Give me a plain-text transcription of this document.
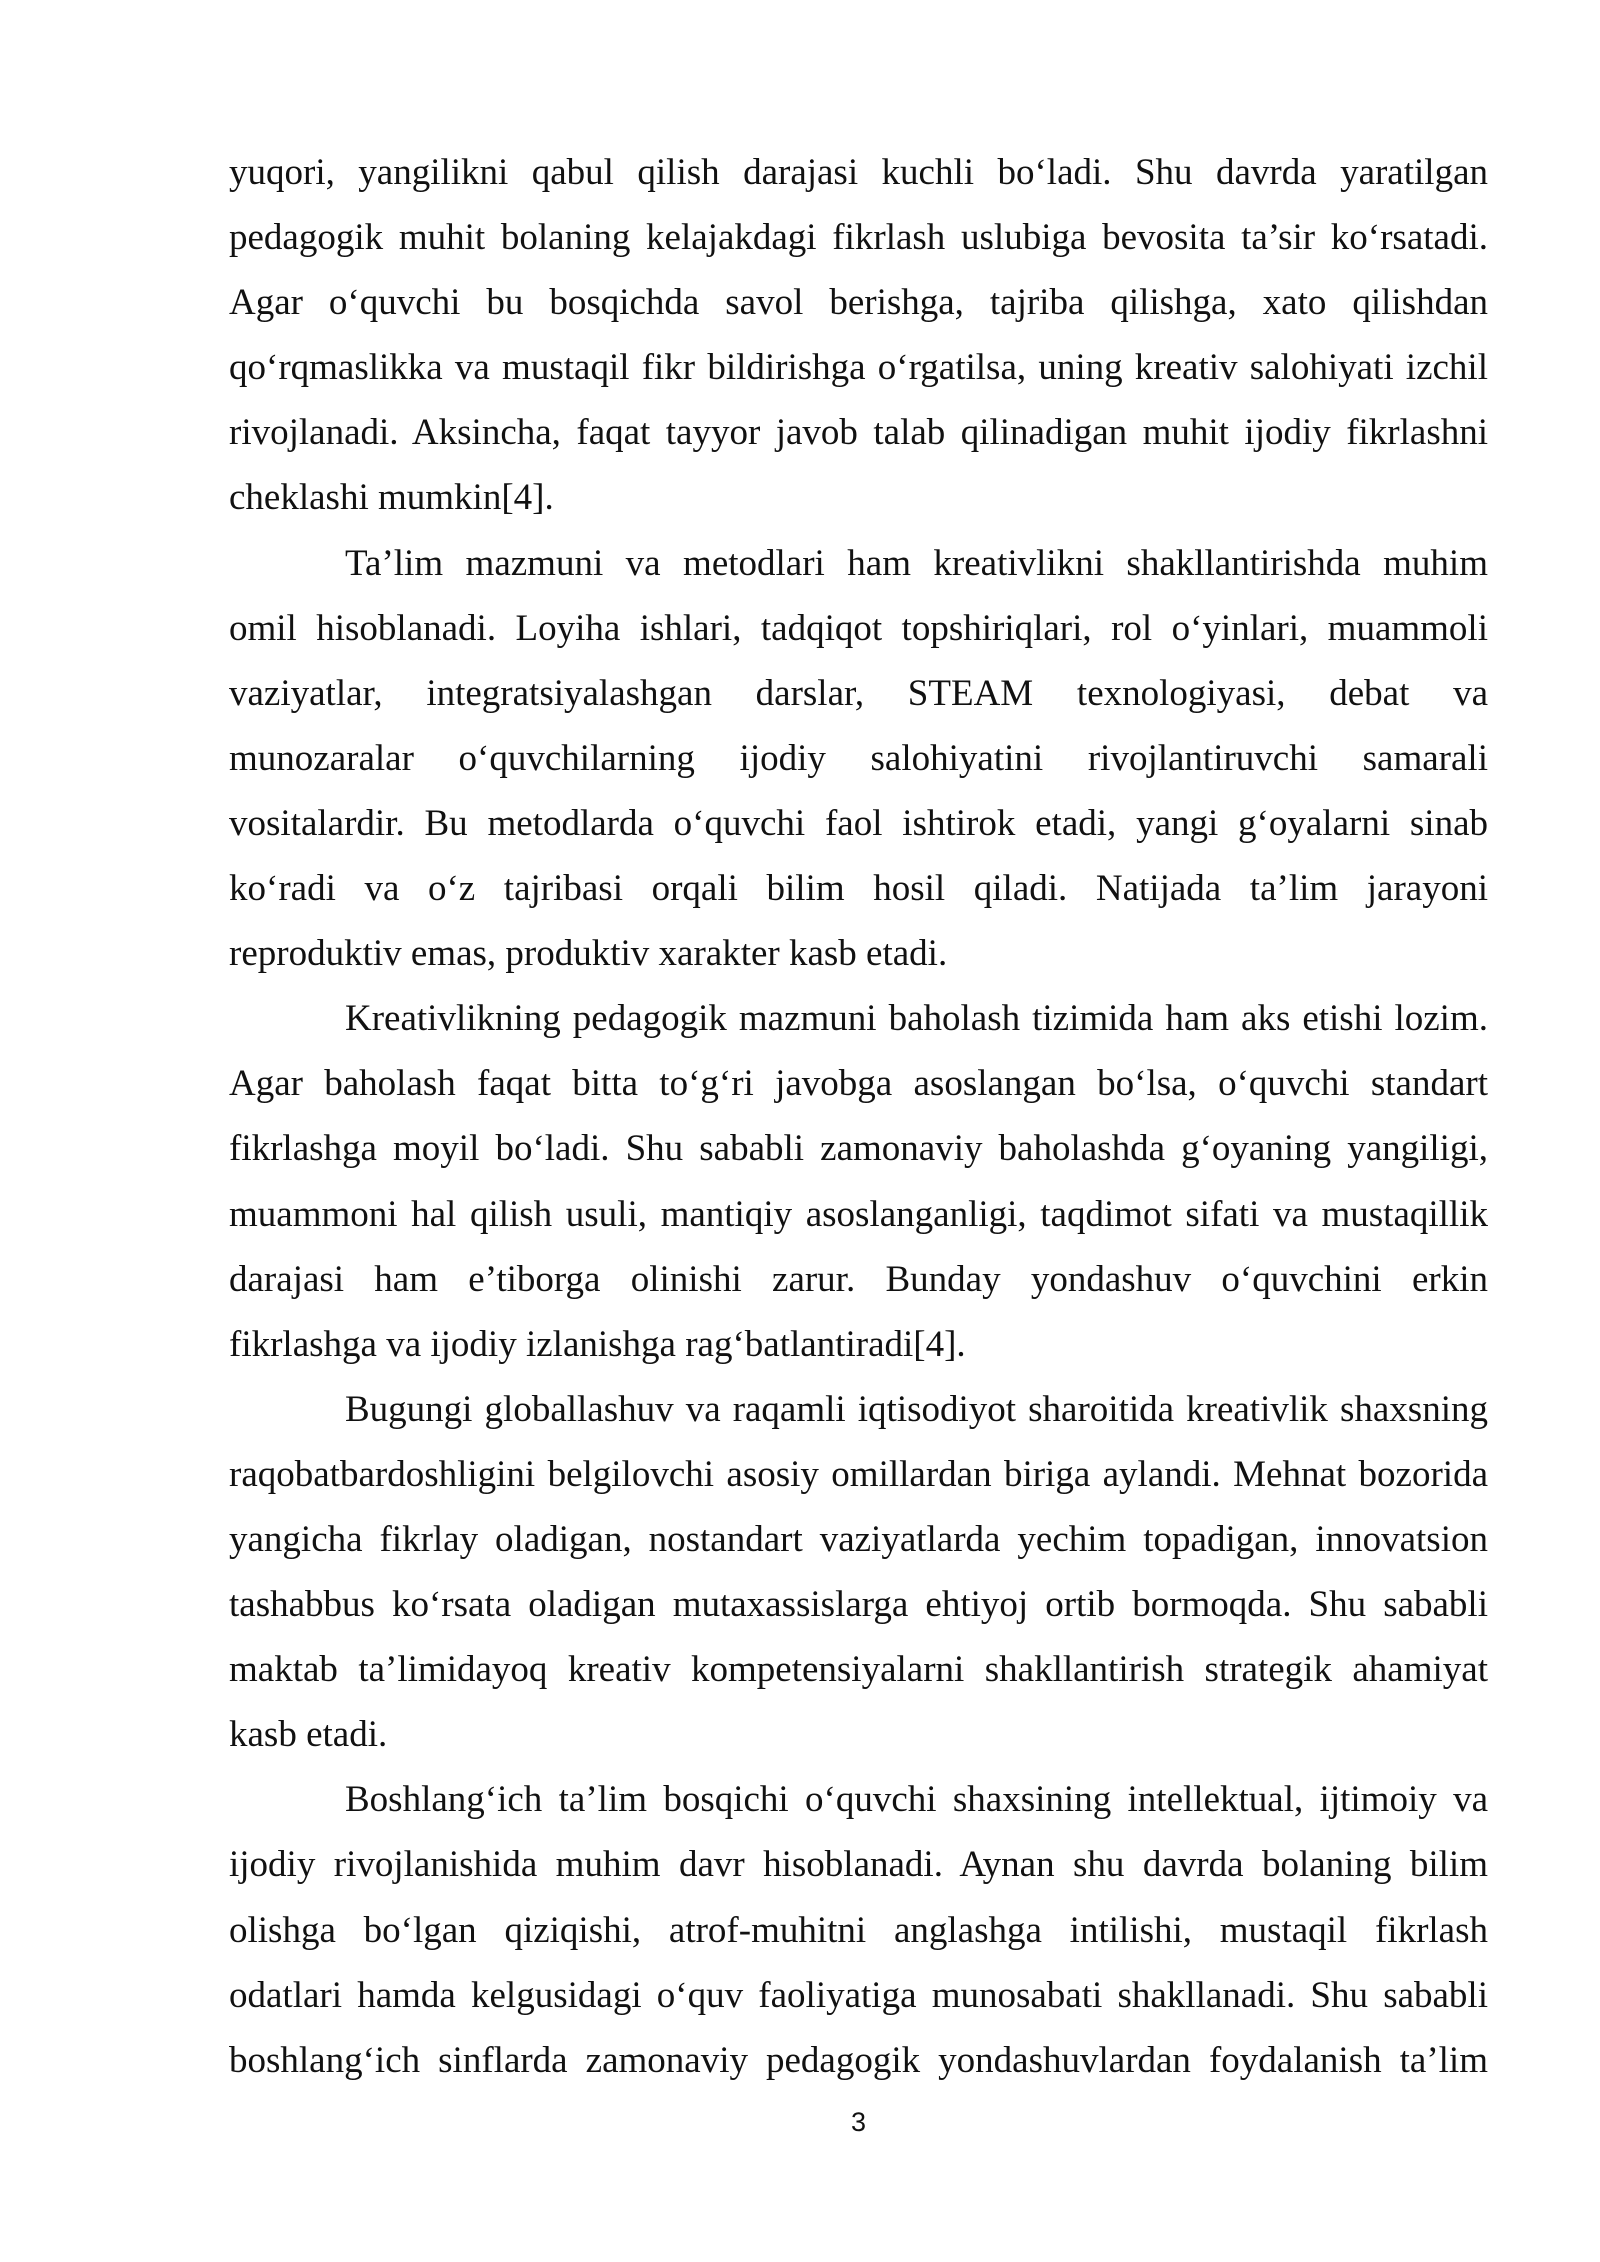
yuqori, yangilikni qabul qilish darajasi kuchli bo‘ladi. Shu davrda yaratilgan
pedagogik muhit bolaning kelajakdagi fikrlash uslubiga bevosita ta’sir ko‘rsatadi.
Agar o‘quvchi bu bosqichda savol berishga, tajriba qilishga, xato qilishdan
qo‘rqmaslikka va mustaqil fikr bildirishga o‘rgatilsa, uning kreativ salohiyati izchil
rivojlanadi. Aksincha, faqat tayyor javob talab qilinadigan muhit ijodiy fikrlashni
cheklashi mumkin[4].

Ta’lim mazmuni va metodlari ham kreativlikni shakllantirishda muhim
omil hisoblanadi. Loyiha ishlari, tadqiqot topshiriqlari, rol o‘yinlari, muammoli
vaziyatlar, integratsiyalashgan darslar, STEAM texnologiyasi, debat va
munozaralar o‘quvchilarning ijodiy salohiyatini rivojlantiruvchi samarali
vositalardir. Bu metodlarda o‘quvchi faol ishtirok etadi, yangi g‘oyalarni sinab
ko‘radi va o‘z tajribasi orqali bilim hosil qiladi. Natijada ta’lim jarayoni
reproduktiv emas, produktiv xarakter kasb etadi.

Kreativlikning pedagogik mazmuni baholash tizimida ham aks etishi lozim.
Agar baholash faqat bitta to‘g‘ri javobga asoslangan bo‘lsa, o‘quvchi standart
fikrlashga moyil bo‘ladi. Shu sababli zamonaviy baholashda g‘oyaning yangiligi,
muammoni hal qilish usuli, mantiqiy asoslanganligi, taqdimot sifati va mustaqillik
darajasi ham e’tiborga olinishi zarur. Bunday yondashuv o‘quvchini erkin
fikrlashga va ijodiy izlanishga rag‘batlantiradi[4].

Bugungi globallashuv va raqamli iqtisodiyot sharoitida kreativlik shaxsning
raqobatbardoshligini belgilovchi asosiy omillardan biriga aylandi. Mehnat bozorida
yangicha fikrlay oladigan, nostandart vaziyatlarda yechim topadigan, innovatsion
tashabbus ko‘rsata oladigan mutaxassislarga ehtiyoj ortib bormoqda. Shu sababli
maktab ta’limidayoq kreativ kompetensiyalarni shakllantirish strategik ahamiyat
kasb etadi.

Boshlang‘ich ta’lim bosqichi o‘quvchi shaxsining intellektual, ijtimoiy va
ijodiy rivojlanishida muhim davr hisoblanadi. Aynan shu davrda bolaning bilim
olishga bo‘lgan qiziqishi, atrof-muhitni anglashga intilishi, mustaqil fikrlash
odatlari hamda kelgusidagi o‘quv faoliyatiga munosabati shakllanadi. Shu sababli
boshlang‘ich sinflarda zamonaviy pedagogik yondashuvlardan foydalanish ta’lim

3
